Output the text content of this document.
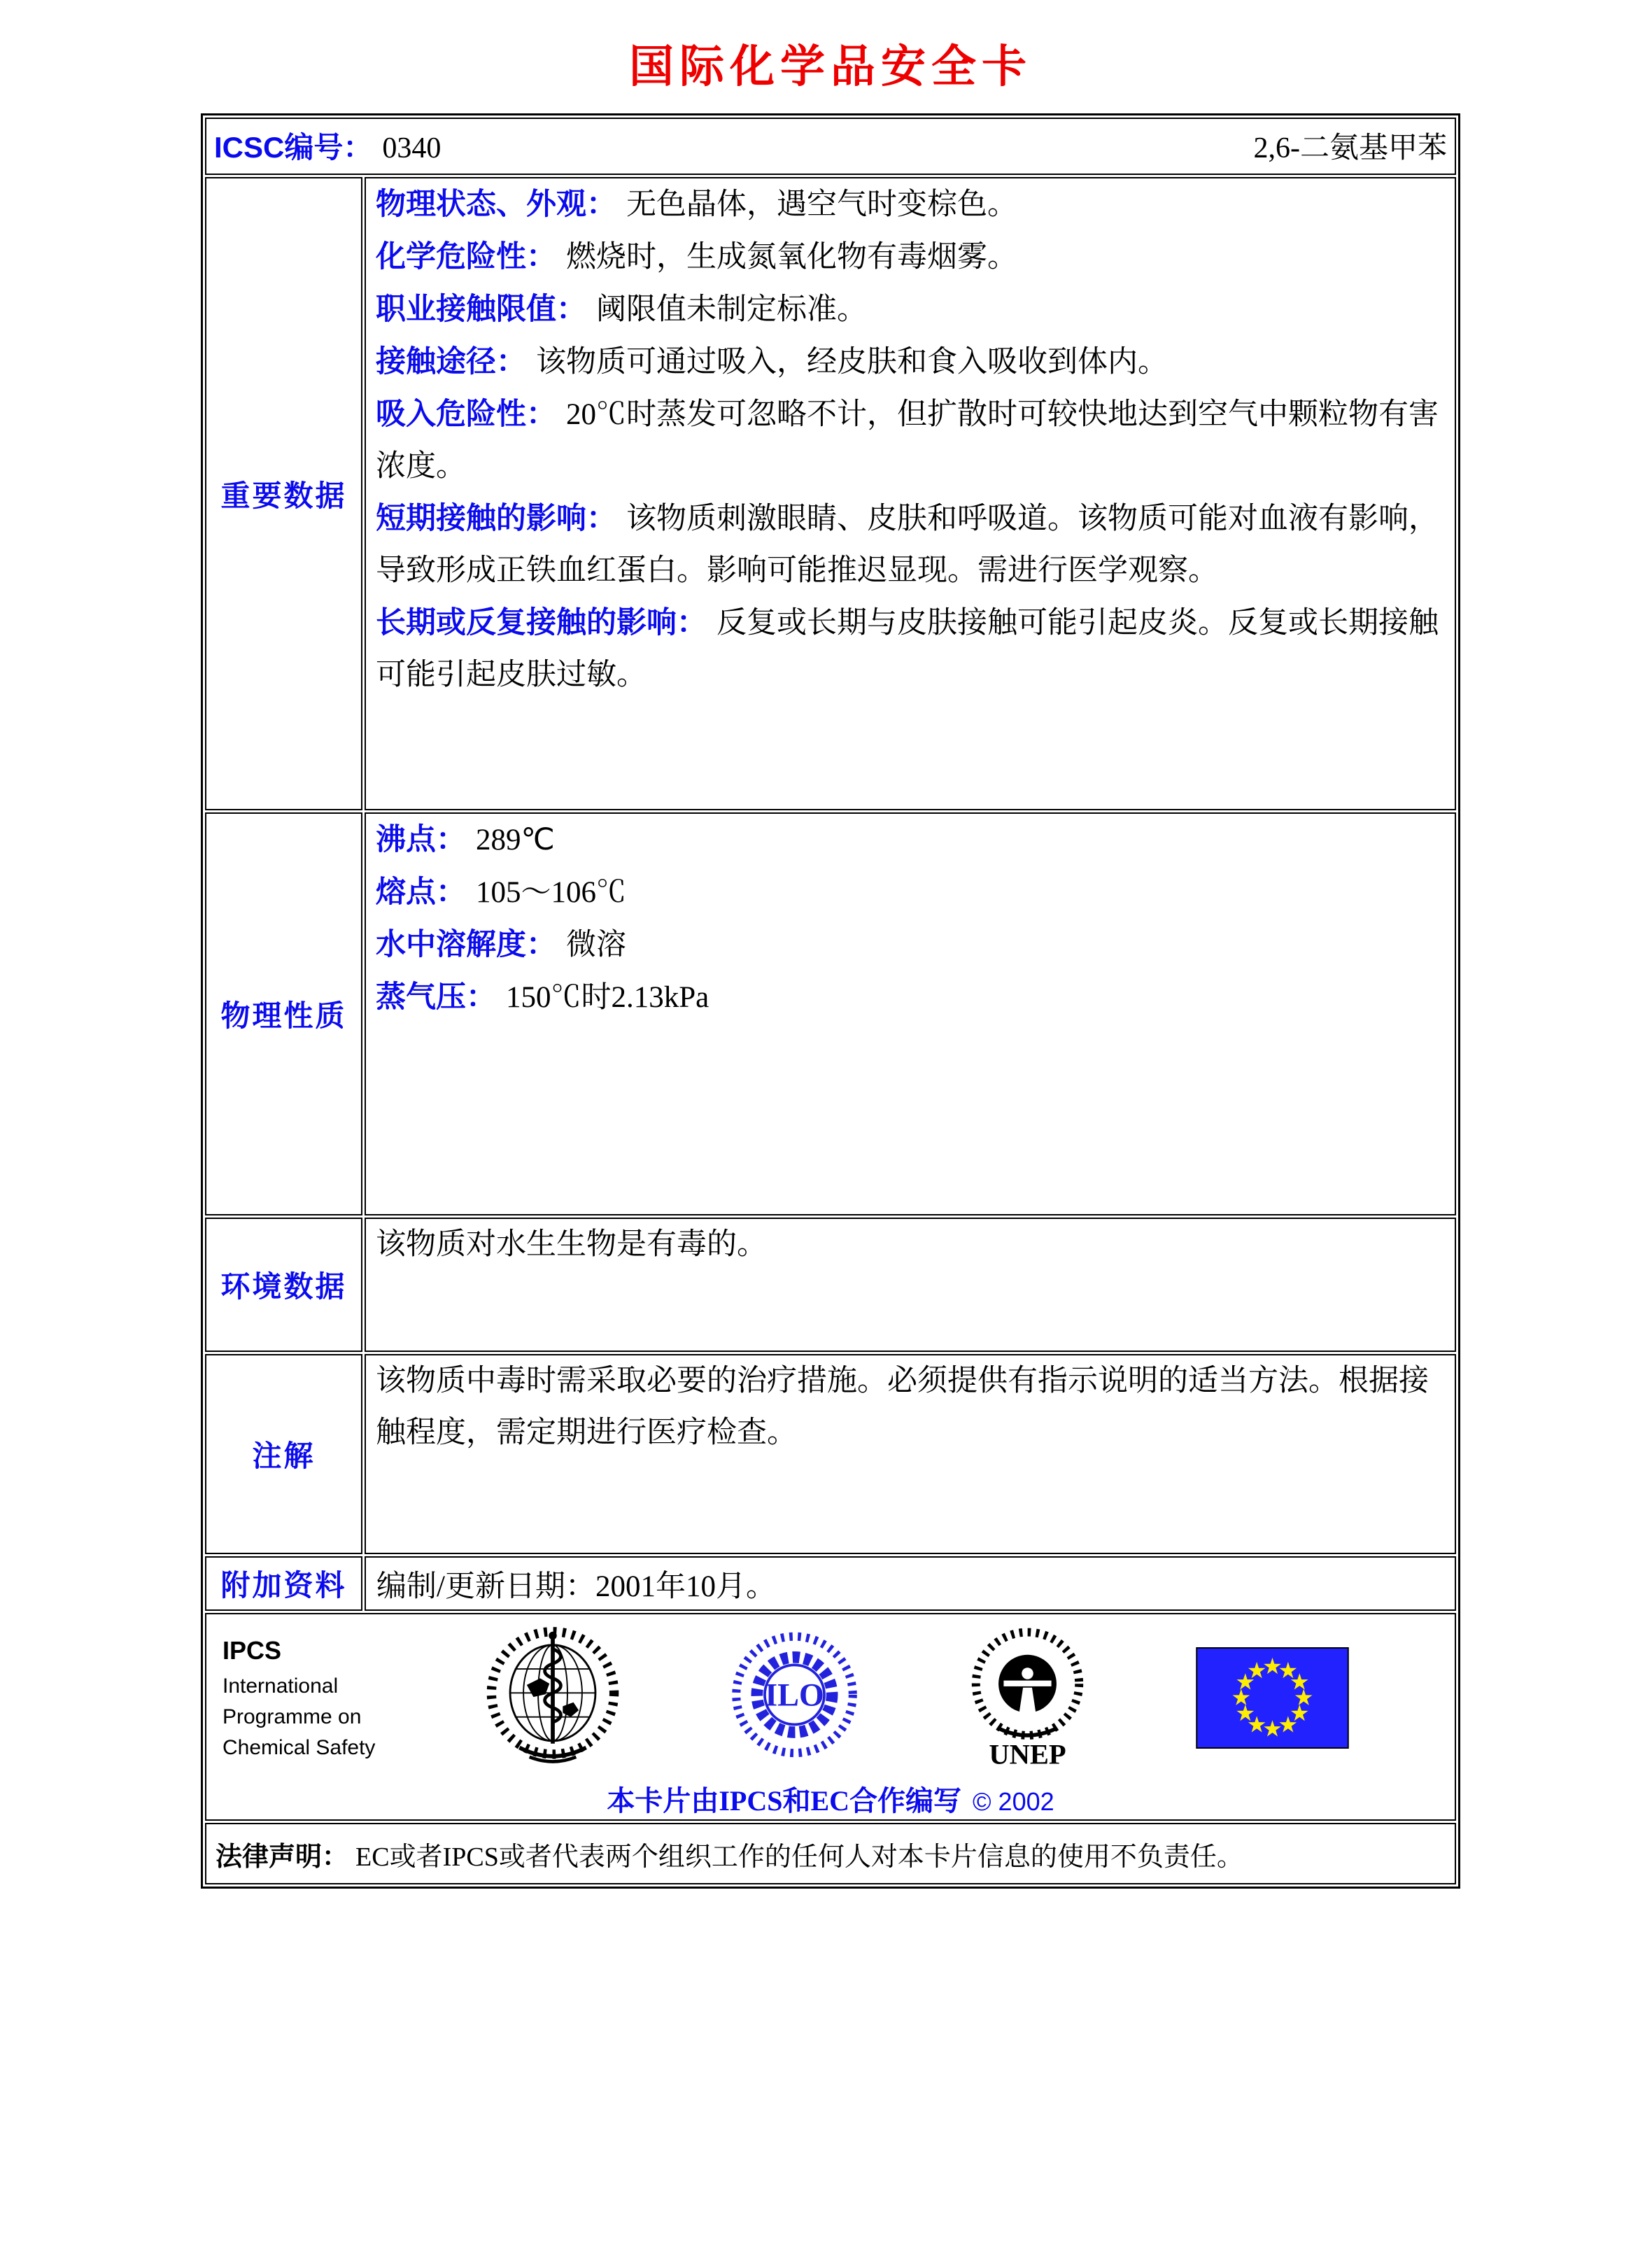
国际化学品安全卡
ICSC编号： 0340 2,6-二氨基甲苯	

重要数据	

物理状态、外观： 无色晶体，遇空气时变棕色。

化学危险性： 燃烧时，生成氮氧化物有毒烟雾。

职业接触限值： 阈限值未制定标准。

接触途径： 该物质可通过吸入，经皮肤和食入吸收到体内。

吸入危险性： 20℃时蒸发可忽略不计，但扩散时可较快地达到空气中颗粒物有害浓度。

短期接触的影响： 该物质刺激眼睛、皮肤和呼吸道。该物质可能对血液有影响，导致形成正铁血红蛋白。影响可能推迟显现。需进行医学观察。

长期或反复接触的影响： 反复或长期与皮肤接触可能引起皮炎。反复或长期接触可能引起皮肤过敏。

物理性质	沸点： 289℃

熔点： 105～106℃

水中溶解度： 微溶

蒸气压： 150℃时2.13kPa

环境数据	该物质对水生生物是有毒的。

注解	该物质中毒时需采取必要的治疗措施。必须提供有指示说明的适当方法。根据接触程度，需定期进行医疗检查。

附加资料	编制/更新日期：2001年10月。

IPCS
International
Programme on
Chemical Safety
ILO
UNEP
本卡片由IPCS和EC合作编写 © 2002

法律声明： EC或者IPCS或者代表两个组织工作的任何人对本卡片信息的使用不负责任。	
